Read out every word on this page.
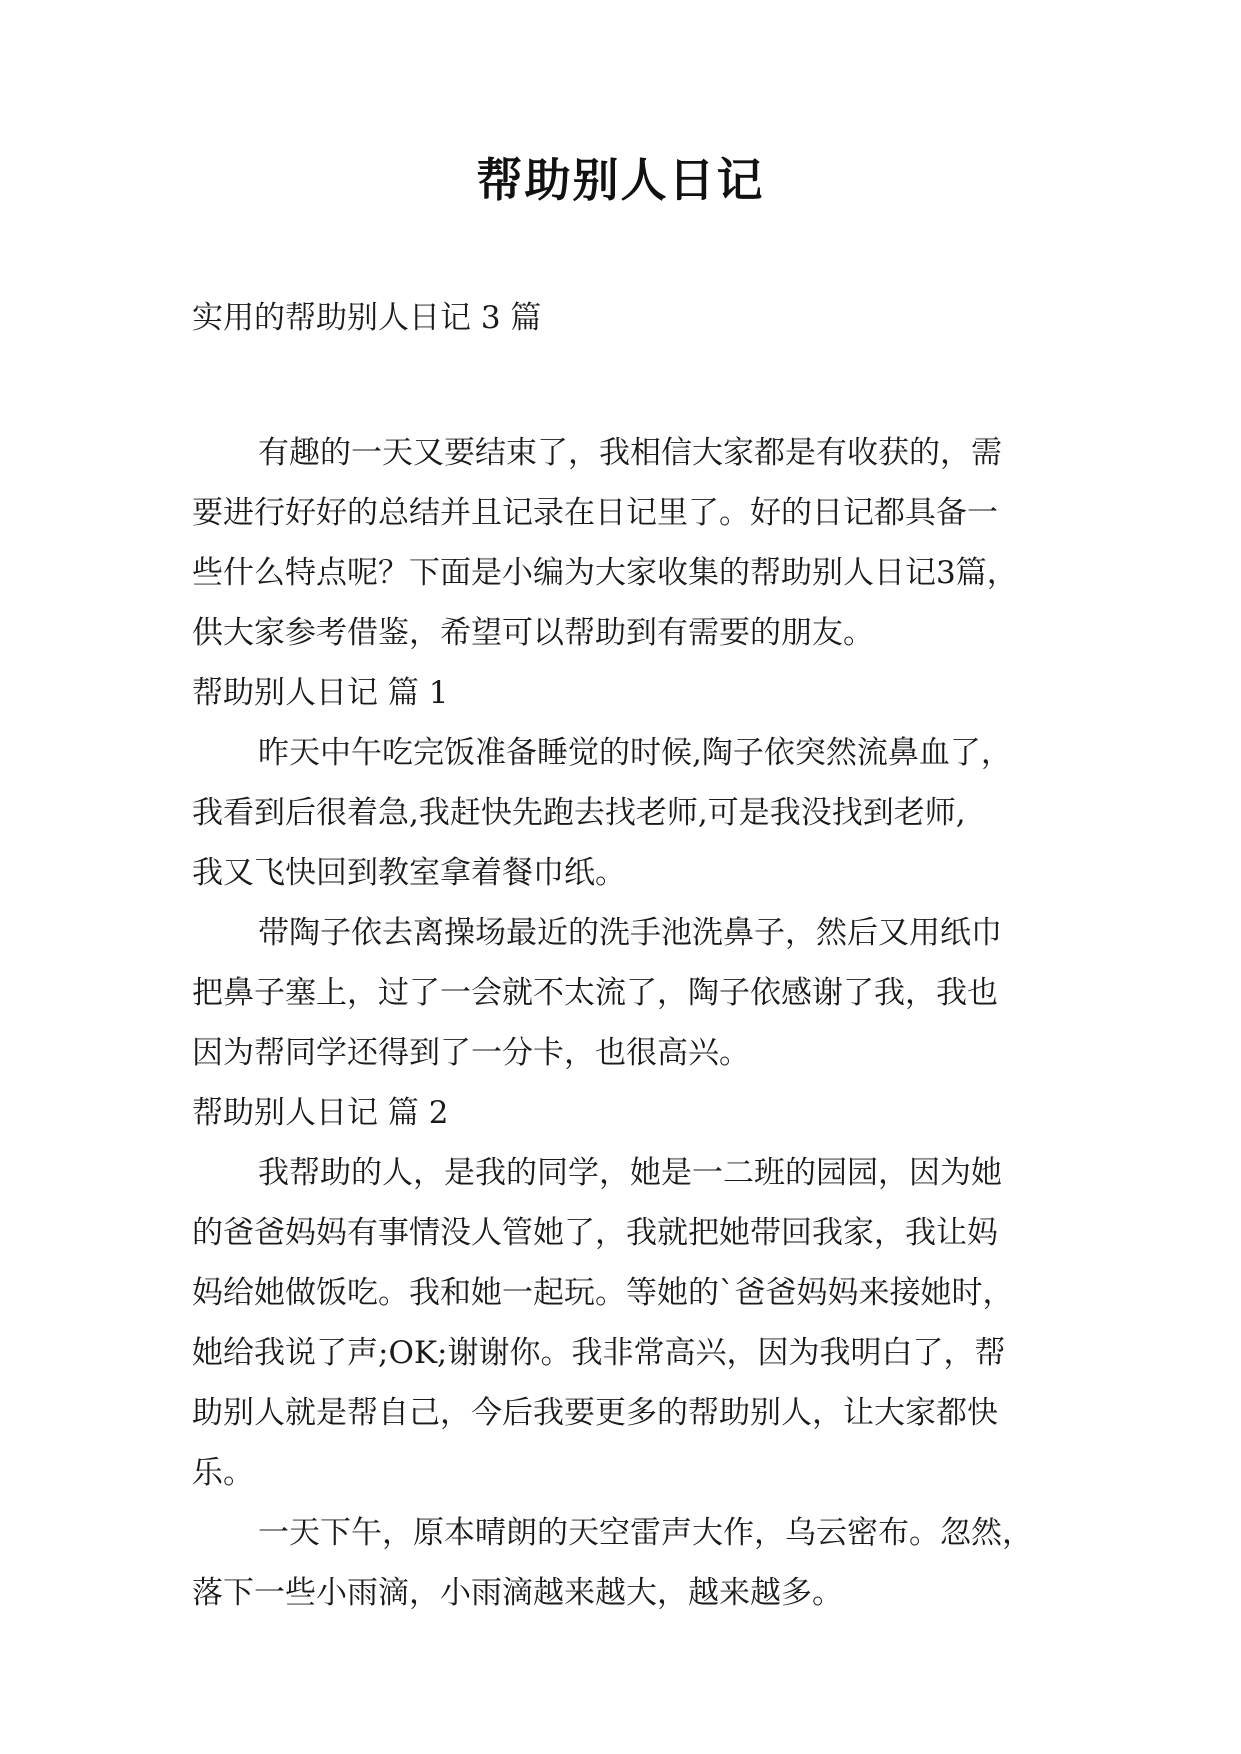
帮助别人日记
实用的帮助别人日记 3 篇
有趣的一天又要结束了，我相信大家都是有收获的，需
要进行好好的总结并且记录在日记里了。好的日记都具备一
些什么特点呢？下面是小编为大家收集的帮助别人日记3篇，
供大家参考借鉴，希望可以帮助到有需要的朋友。
帮助别人日记 篇 1
昨天中午吃完饭准备睡觉的时候,陶子依突然流鼻血了，
我看到后很着急,我赶快先跑去找老师,可是我没找到老师,
我又飞快回到教室拿着餐巾纸。
带陶子依去离操场最近的洗手池洗鼻子，然后又用纸巾
把鼻子塞上，过了一会就不太流了，陶子依感谢了我，我也
因为帮同学还得到了一分卡，也很高兴。
帮助别人日记 篇 2
我帮助的人，是我的同学，她是一二班的园园，因为她
的爸爸妈妈有事情没人管她了，我就把她带回我家，我让妈
妈给她做饭吃。我和她一起玩。等她的`爸爸妈妈来接她时，
她给我说了声;OK;谢谢你。我非常高兴，因为我明白了，帮
助别人就是帮自己，今后我要更多的帮助别人，让大家都快
乐。
一天下午，原本晴朗的天空雷声大作，乌云密布。忽然，
落下一些小雨滴，小雨滴越来越大，越来越多。
